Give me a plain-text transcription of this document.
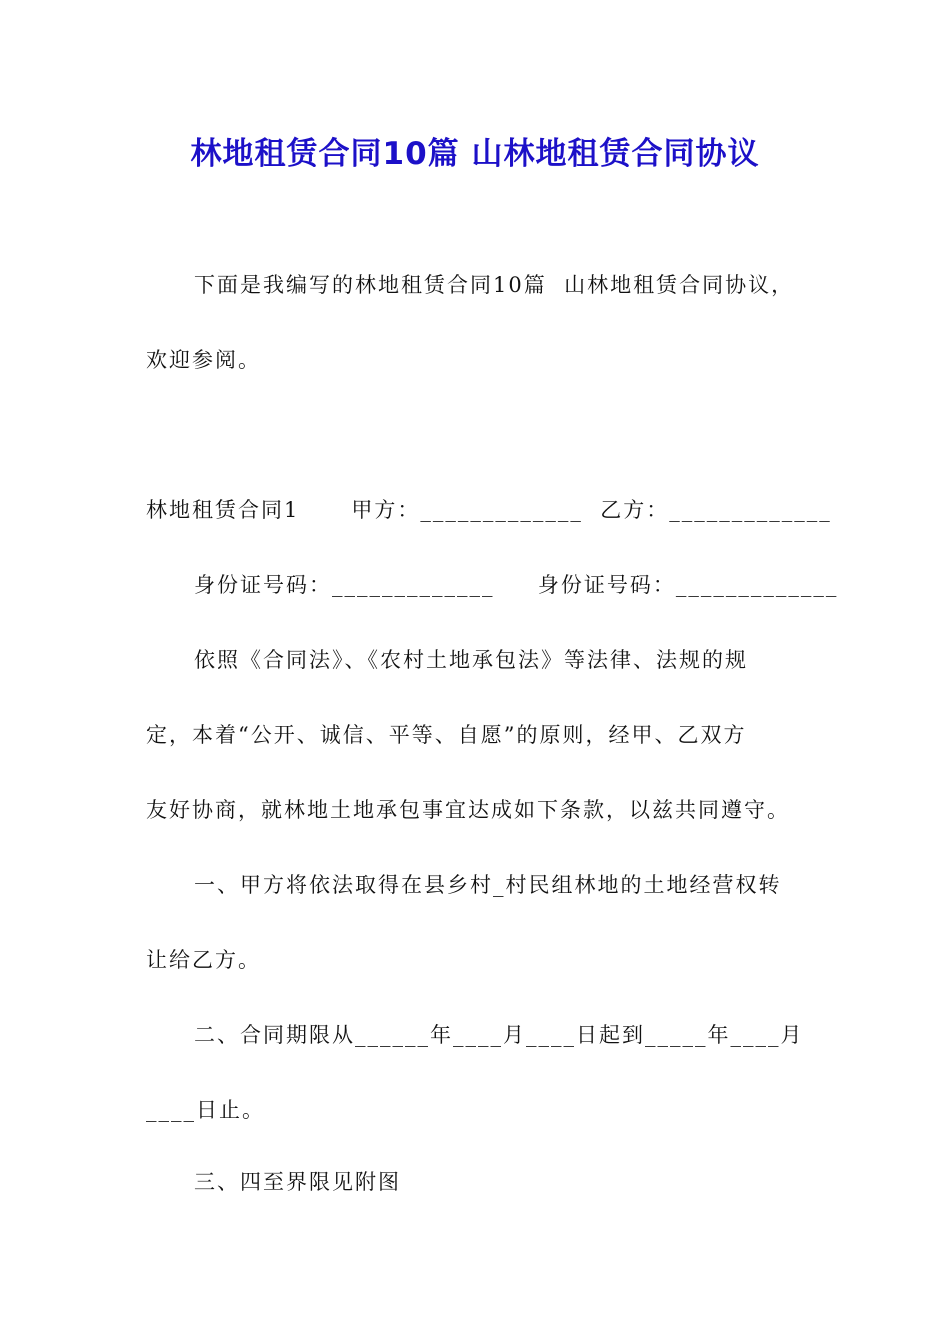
林地租赁合同10篇 山林地租赁合同协议
下面是我编写的林地租赁合同10篇  山林地租赁合同协议，
欢迎参阅。
林地租赁合同1      甲方：_____________  乙方：_____________
身份证号码：_____________     身份证号码：_____________
依照《合同法》、《农村土地承包法》等法律、法规的规
定，本着“公开、诚信、平等、自愿”的原则，经甲、乙双方
友好协商，就林地土地承包事宜达成如下条款，以兹共同遵守。
一、甲方将依法取得在县乡村_村民组林地的土地经营权转
让给乙方。
二、合同期限从______年____月____日起到_____年____月
____日止。
三、四至界限见附图
